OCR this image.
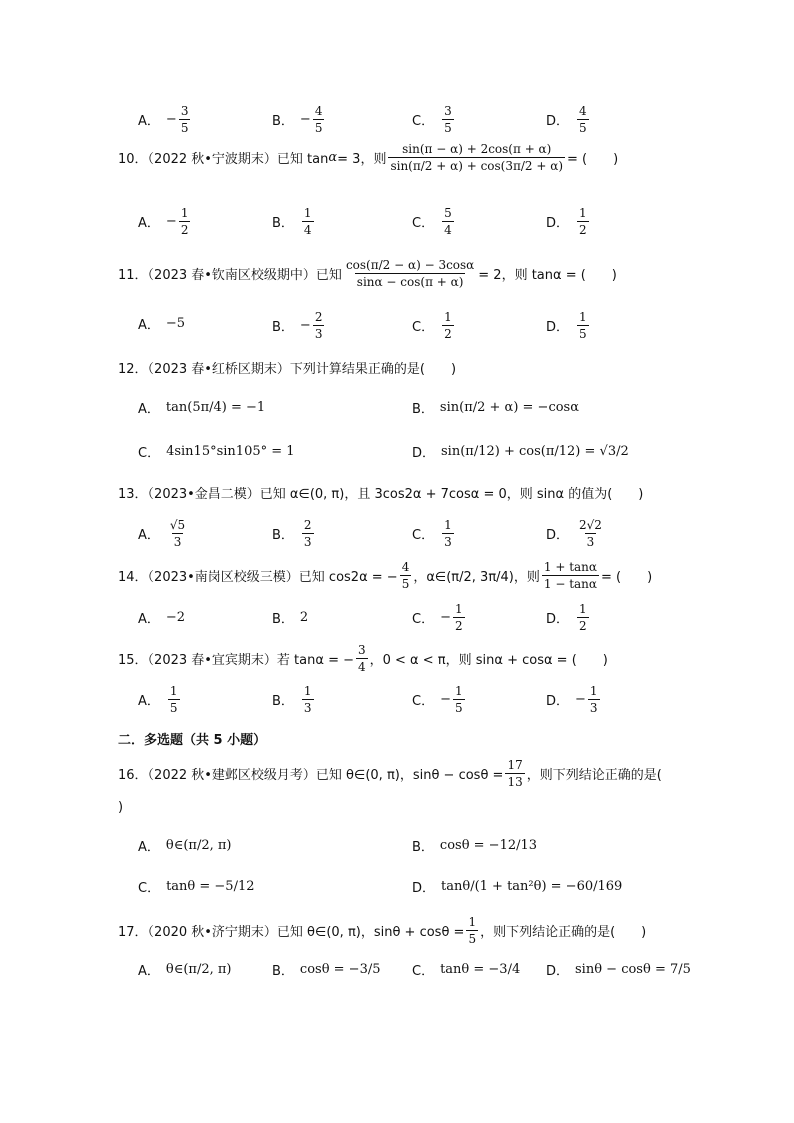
A． − $\frac{3}{5}$	B． − $\frac{4}{5}$	C． $\frac{3}{5}$	D． $\frac{4}{5}$
10．（2022 秋•宁波期末）已知 tan α = 3，则 $\frac{\sin(\pi - \alpha) + 2\cos(\pi + \alpha)}{\sin(\pi/2 + \alpha) + \cos(3\pi/2 + \alpha)}$ = (　　)
A． − $\frac{1}{2}$	B． $\frac{1}{4}$	C． $\frac{5}{4}$	D． $\frac{1}{2}$
11．（2023 春•钦南区校级期中）已知 $\frac{\cos(\pi/2 - \alpha) - 3\cos\alpha}{\sin\alpha - \cos(\pi + \alpha)} = 2$，则 tanα = (　　)
A． −5	B． − $\frac{2}{3}$	C． $\frac{1}{2}$	D． $\frac{1}{5}$
12．（2023 春•红桥区期末）下列计算结果正确的是(　　)
A． tan(5π/4) = −1	B． sin(π/2 + α) = −cosα
C． 4sin15°sin105° = 1	D． sin(π/12) + cos(π/12) = √3/2
13．（2023•金昌二模）已知 α∈(0, π)，且 3cos2α + 7cosα = 0，则 sinα 的值为(　　)
A． $\frac{√5}{3}$	B． $\frac{2}{3}$	C． $\frac{1}{3}$	D． $\frac{2√2}{3}$
14．（2023•南岗区校级三模）已知 cos2α = − $\frac{4}{5}$ ，α∈(π/2, 3π/4)，则 $\frac{1 + \tan\alpha}{1 - \tan\alpha}$ = (　　)
A． −2	B． 2	C． − $\frac{1}{2}$	D． $\frac{1}{2}$
15．（2023 春•宜宾期末）若 tanα = − $\frac{3}{4}$ ，0 < α < π，则 sinα + cosα = (　　)
A． $\frac{1}{5}$	B． $\frac{1}{3}$	C． − $\frac{1}{5}$	D． − $\frac{1}{3}$
二．多选题（共 5 小题）
16．（2022 秋•建邺区校级月考）已知 θ∈(0, π)，$\sin\theta - \cos\theta = \frac{17}{13}$ ，则下列结论正确的是(
)
A． θ∈(π/2, π)	B． cosθ = −12/13
C． tanθ = −5/12	D． tanθ/(1 + tan²θ) = −60/169
17．（2020 秋•济宁期末）已知 θ∈(0, π)，$\sin\theta + \cos\theta = \frac{1}{5}$ ，则下列结论正确的是(　　)
A． θ∈(π/2, π)	B． cosθ = −3/5 C． tanθ = −3/4 D． sinθ − cosθ = 7/5
